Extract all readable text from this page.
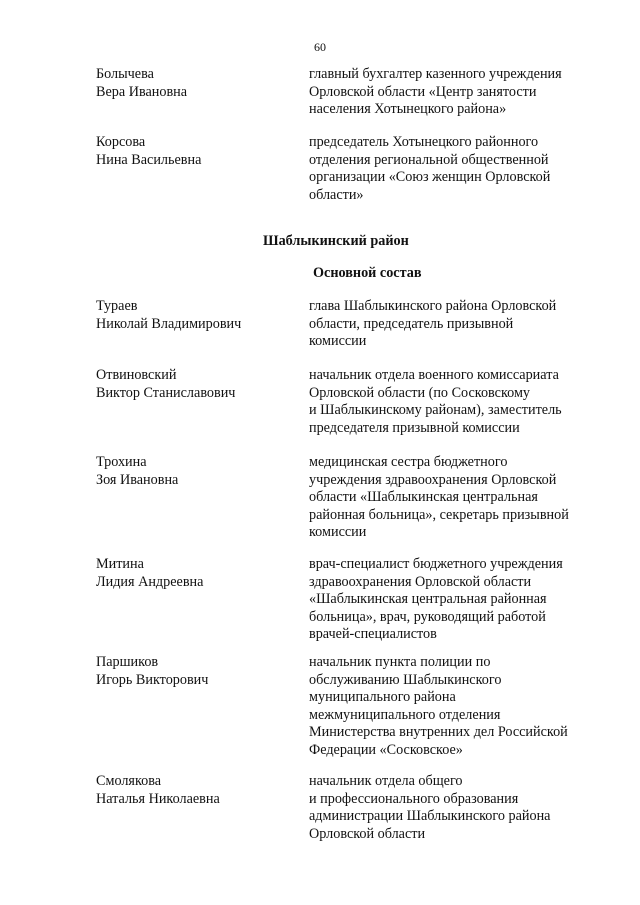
60
Болычева
Вера Ивановна
главный бухгалтер казенного учреждения
Орловской области «Центр занятости
населения Хотынецкого района»
Корсова
Нина Васильевна
председатель Хотынецкого районного
отделения региональной общественной
организации «Союз женщин Орловской
области»
Шаблыкинский район
Основной состав
Тураев
Николай Владимирович
глава Шаблыкинского района Орловской
области, председатель призывной
комиссии
Отвиновский
Виктор Станиславович
начальник отдела военного комиссариата
Орловской области (по Сосковскому
и Шаблыкинскому районам), заместитель
председателя призывной комиссии
Трохина
Зоя Ивановна
медицинская сестра бюджетного
учреждения здравоохранения Орловской
области «Шаблыкинская центральная
районная больница», секретарь призывной
комиссии
Митина
Лидия Андреевна
врач-специалист бюджетного учреждения
здравоохранения Орловской области
«Шаблыкинская центральная районная
больница», врач, руководящий работой
врачей-специалистов
Паршиков
Игорь Викторович
начальник пункта полиции по
обслуживанию Шаблыкинского
муниципального района
межмуниципального отделения
Министерства внутренних дел Российской
Федерации «Сосковское»
Смолякова
Наталья Николаевна
начальник отдела общего
и профессионального образования
администрации Шаблыкинского района
Орловской области
